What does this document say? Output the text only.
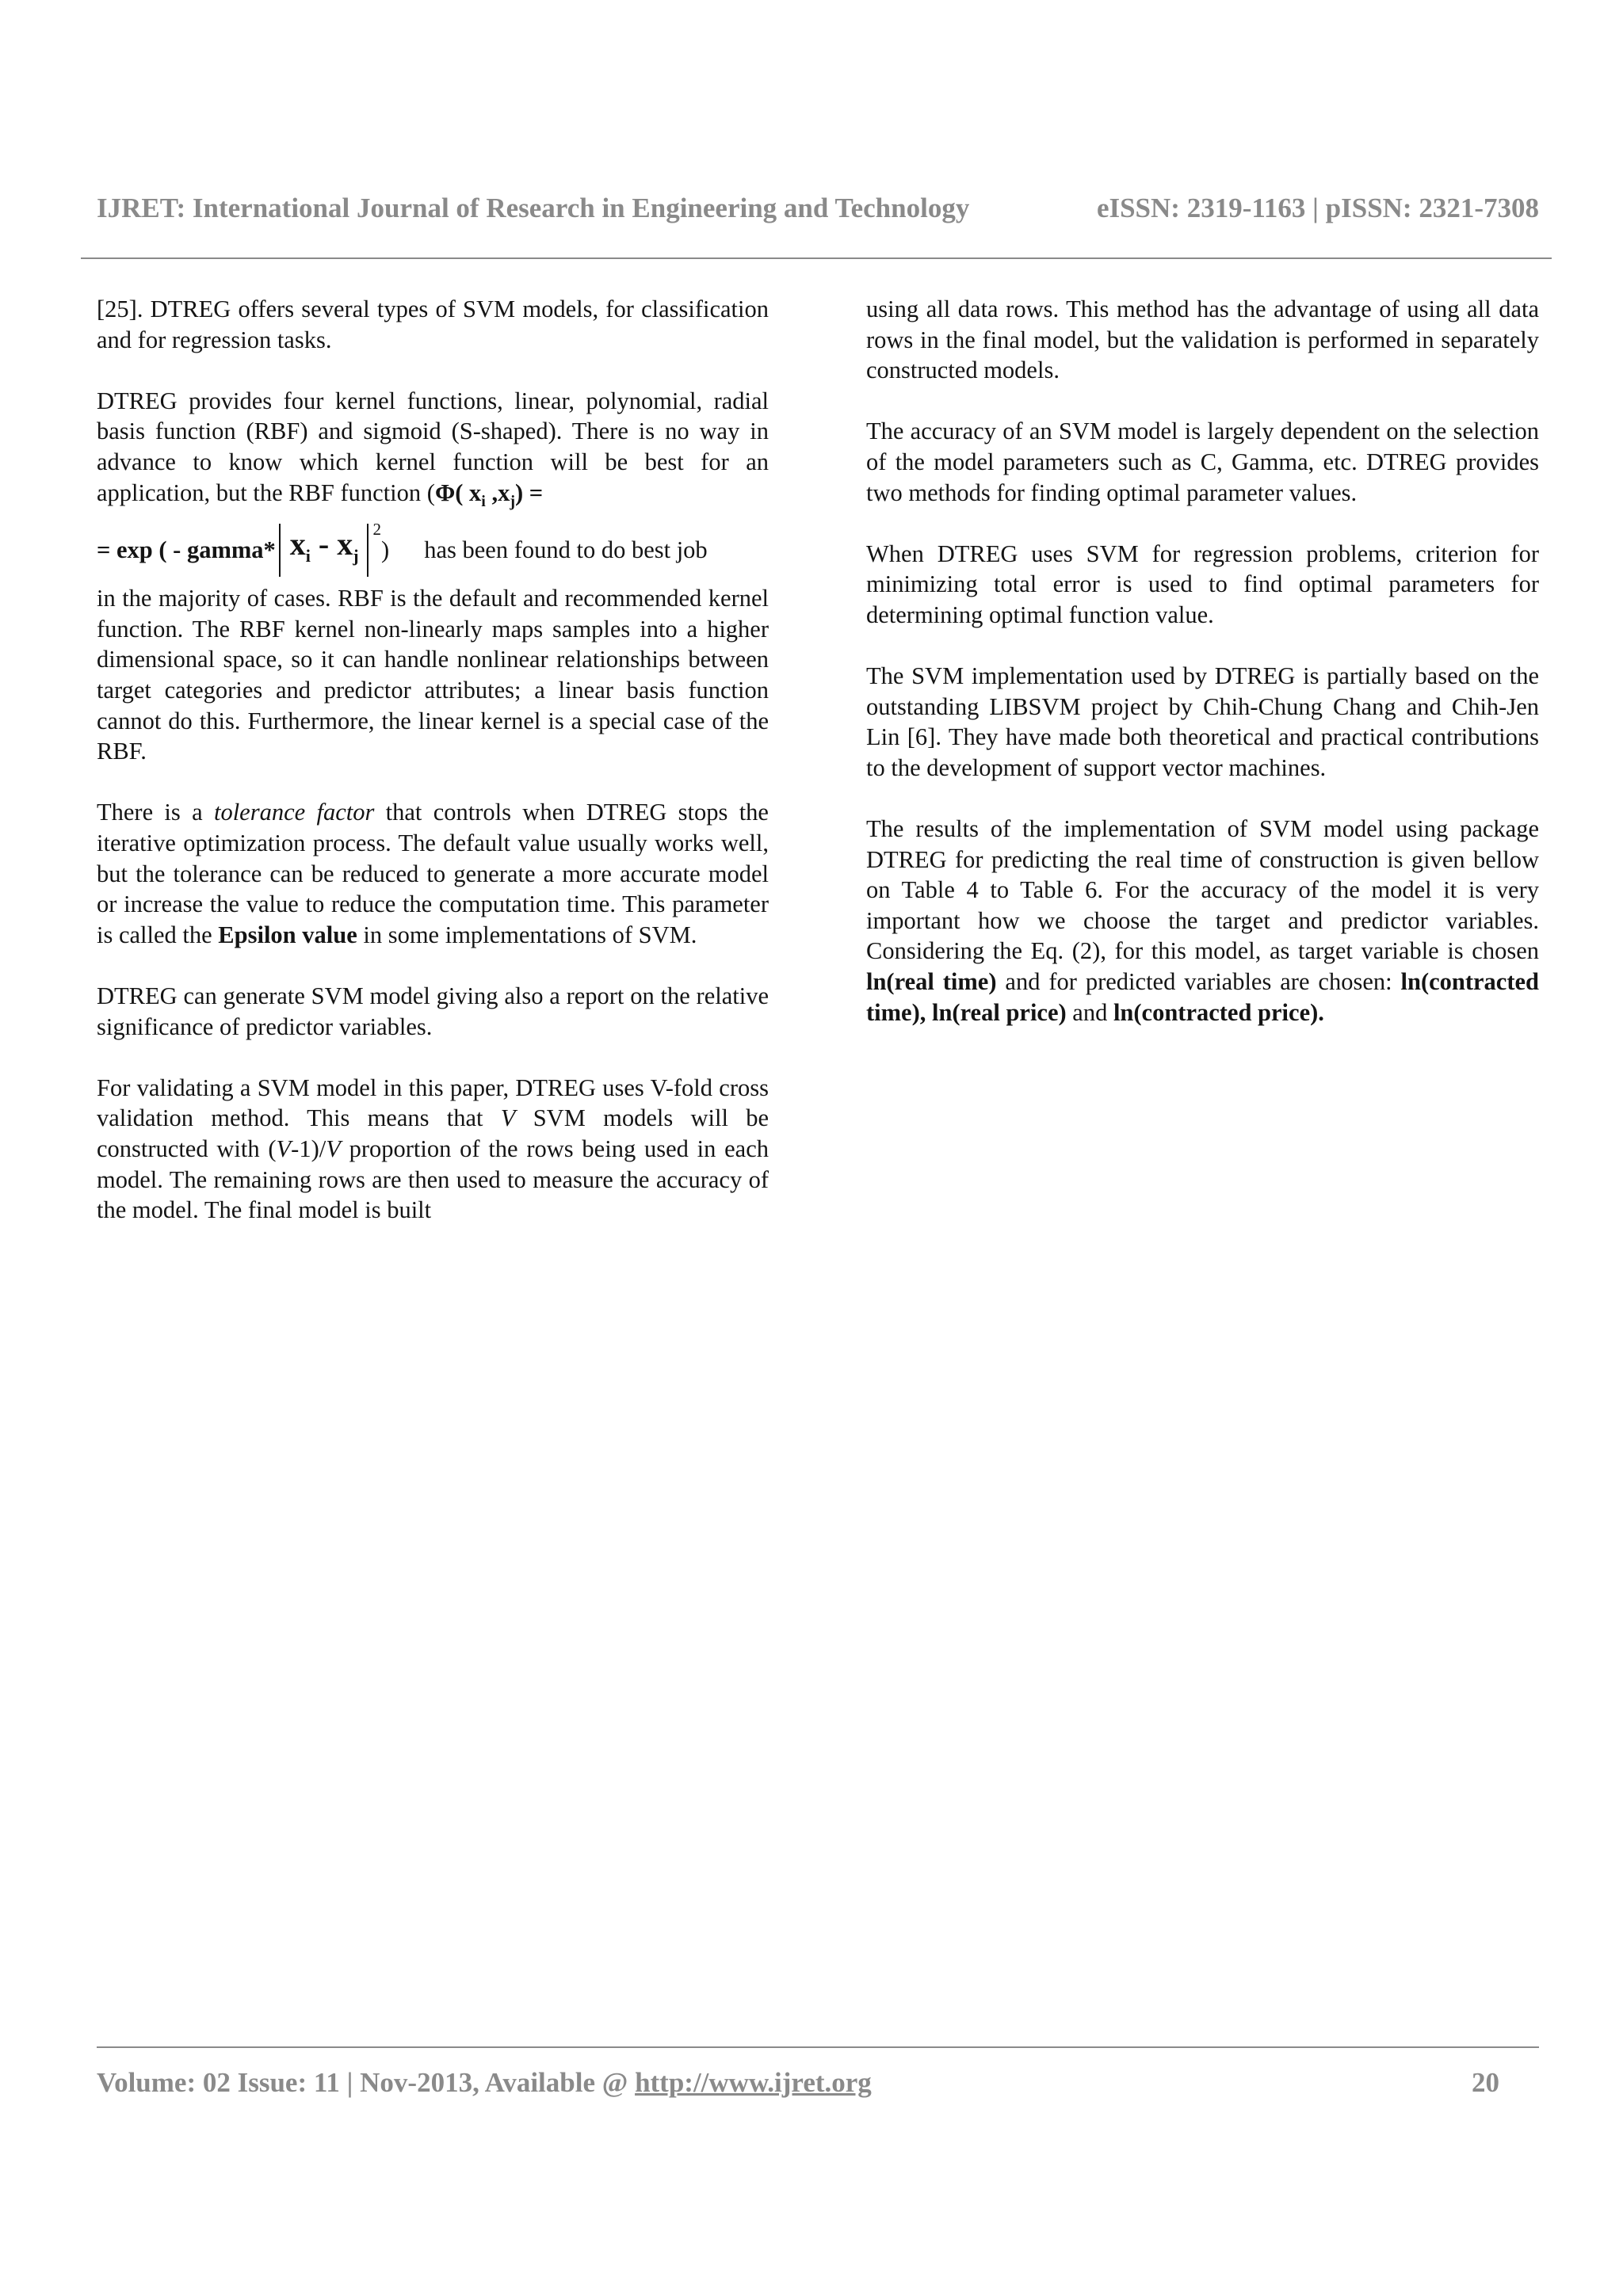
IJRET: International Journal of Research in Engineering and Technology	eISSN: 2319-1163 | pISSN: 2321-7308

[25]. DTREG offers several types of SVM models, for classification and for regression tasks.

DTREG provides four kernel functions, linear, polynomial, radial basis function (RBF) and sigmoid (S-shaped). There is no way in advance to know which kernel function will be best for an application, but the RBF function (Φ( $x_i$ $,x_j$) =

= exp ( - gamma* $x_i - x_j$
2
) has been found to do best job

in the majority of cases. RBF is the default and recommended kernel function. The RBF kernel non-linearly maps samples into a higher dimensional space, so it can handle nonlinear relationships between target categories and predictor attributes; a linear basis function cannot do this. Furthermore, the linear kernel is a special case of the RBF.

There is a tolerance factor that controls when DTREG stops the iterative optimization process. The default value usually works well, but the tolerance can be reduced to generate a more accurate model or increase the value to reduce the computation time. This parameter is called the Epsilon value in some implementations of SVM.

DTREG can generate SVM model giving also a report on the relative significance of predictor variables.

For validating a SVM model in this paper, DTREG uses V-fold cross validation method. This means that V SVM models will be constructed with (V-1)/V proportion of the rows being used in each model. The remaining rows are then used to measure the accuracy of the model. The final model is built

using all data rows. This method has the advantage of using all data rows in the final model, but the validation is performed in separately constructed models.

The accuracy of an SVM model is largely dependent on the selection of the model parameters such as C, Gamma, etc. DTREG provides two methods for finding optimal parameter values.

When DTREG uses SVM for regression problems, criterion for minimizing total error is used to find optimal parameters for determining optimal function value.

The SVM implementation used by DTREG is partially based on the outstanding LIBSVM project by Chih-Chung Chang and Chih-Jen Lin [6]. They have made both theoretical and practical contributions to the development of support vector machines.

The results of the implementation of SVM model using package DTREG for predicting the real time of construction is given bellow on Table 4 to Table 6. For the accuracy of the model it is very important how we choose the target and predictor variables. Considering the Eq. (2), for this model, as target variable is chosen ln(real time) and for predicted variables are chosen: ln(contracted time), ln(real price) and ln(contracted price).

Volume: 02 Issue: 11 | Nov-2013, Available @ http://www.ijret.org	20
